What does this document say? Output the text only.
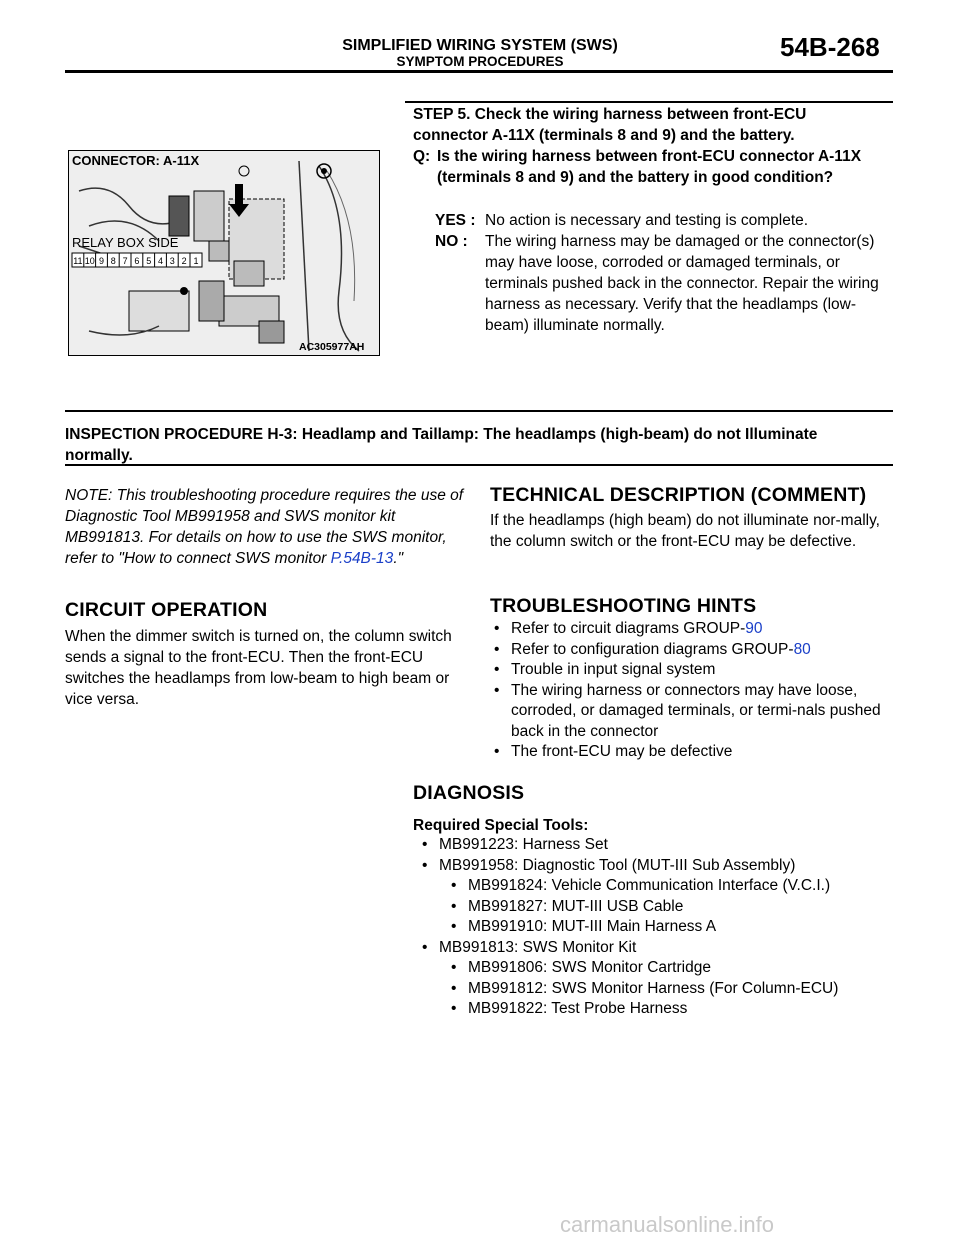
SIMPLIFIED WIRING SYSTEM (SWS)
SYMPTOM PROCEDURES	54B-268
11 10 9 8 7 6 5 4 3 2 1
CONNECTOR: A-11X
RELAY BOX SIDE
AC305977AH
STEP 5. Check the wiring harness between front-ECU connector A-11X (terminals 8 and 9) and the battery.
Q: Is the wiring harness between front-ECU connector A-11X (terminals 8 and 9) and the battery in good condition?
YES : No action is necessary and testing is complete.
NO : The wiring harness may be damaged or the connector(s) may have loose, corroded or damaged terminals, or terminals pushed back in the connector. Repair the wiring harness as necessary. Verify that the headlamps (low-beam) illuminate normally.
INSPECTION PROCEDURE H-3: Headlamp and Taillamp: The headlamps (high-beam) do not Illuminate normally.
NOTE: This troubleshooting procedure requires the use of Diagnostic Tool MB991958 and SWS monitor kit MB991813. For details on how to use the SWS monitor, refer to "How to connect SWS monitor P.54B-13."
CIRCUIT OPERATION
When the dimmer switch is turned on, the column switch sends a signal to the front-ECU. Then the front-ECU switches the headlamps from low-beam to high beam or vice versa.
TECHNICAL DESCRIPTION (COMMENT)
If the headlamps (high beam) do not illuminate nor-mally, the column switch or the front-ECU may be defective.
TROUBLESHOOTING HINTS
• Refer to circuit diagrams GROUP-90
• Refer to configuration diagrams GROUP-80
• Trouble in input signal system
• The wiring harness or connectors may have loose, corroded, or damaged terminals, or termi-nals pushed back in the connector
• The front-ECU may be defective
DIAGNOSIS
Required Special Tools:
• MB991223: Harness Set
• MB991958: Diagnostic Tool (MUT-III Sub Assembly)
• MB991824: Vehicle Communication Interface (V.C.I.)
• MB991827: MUT-III USB Cable
• MB991910: MUT-III Main Harness A
• MB991813: SWS Monitor Kit
• MB991806: SWS Monitor Cartridge
• MB991812: SWS Monitor Harness (For Column-ECU)
• MB991822: Test Probe Harness
carmanualsonline.info
